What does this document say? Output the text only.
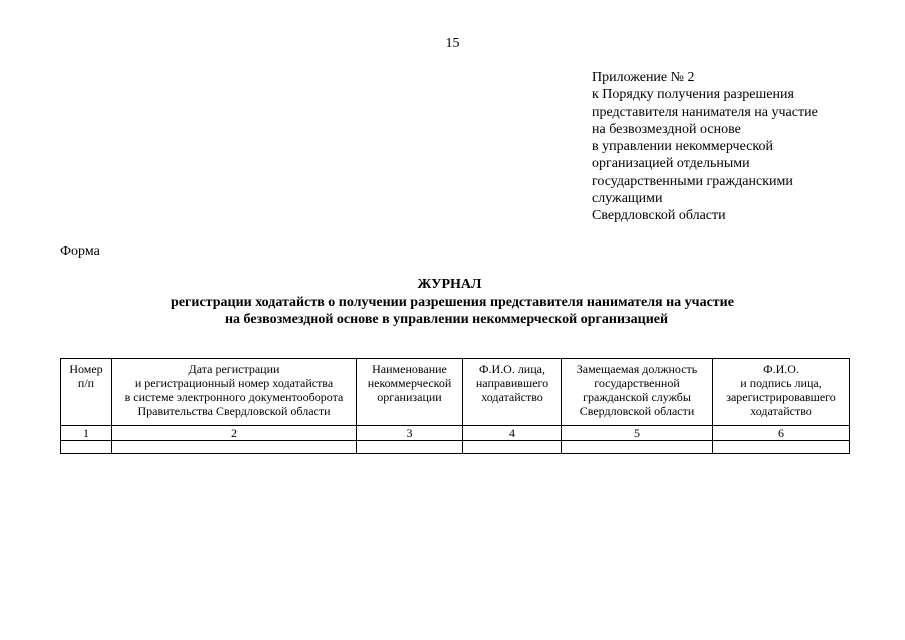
15
Приложение № 2
к Порядку получения разрешения
представителя нанимателя на участие
на безвозмездной основе
в управлении некоммерческой
организацией отдельными
государственными гражданскими
служащими
Свердловской области
Форма
ЖУРНАЛ
регистрации ходатайств о получении разрешения представителя нанимателя на участие
на безвозмездной основе в управлении некоммерческой организацией
Номер
п/п	Дата регистрации
и регистрационный номер ходатайства
в системе электронного документооборота
Правительства Свердловской области	Наименование
некоммерческой
организации	Ф.И.О. лица,
направившего
ходатайство	Замещаемая должность
государственной
гражданской службы
Свердловской области	Ф.И.О.
и подпись лица,
зарегистрировавшего
ходатайство

1	2	3	4	5	6
